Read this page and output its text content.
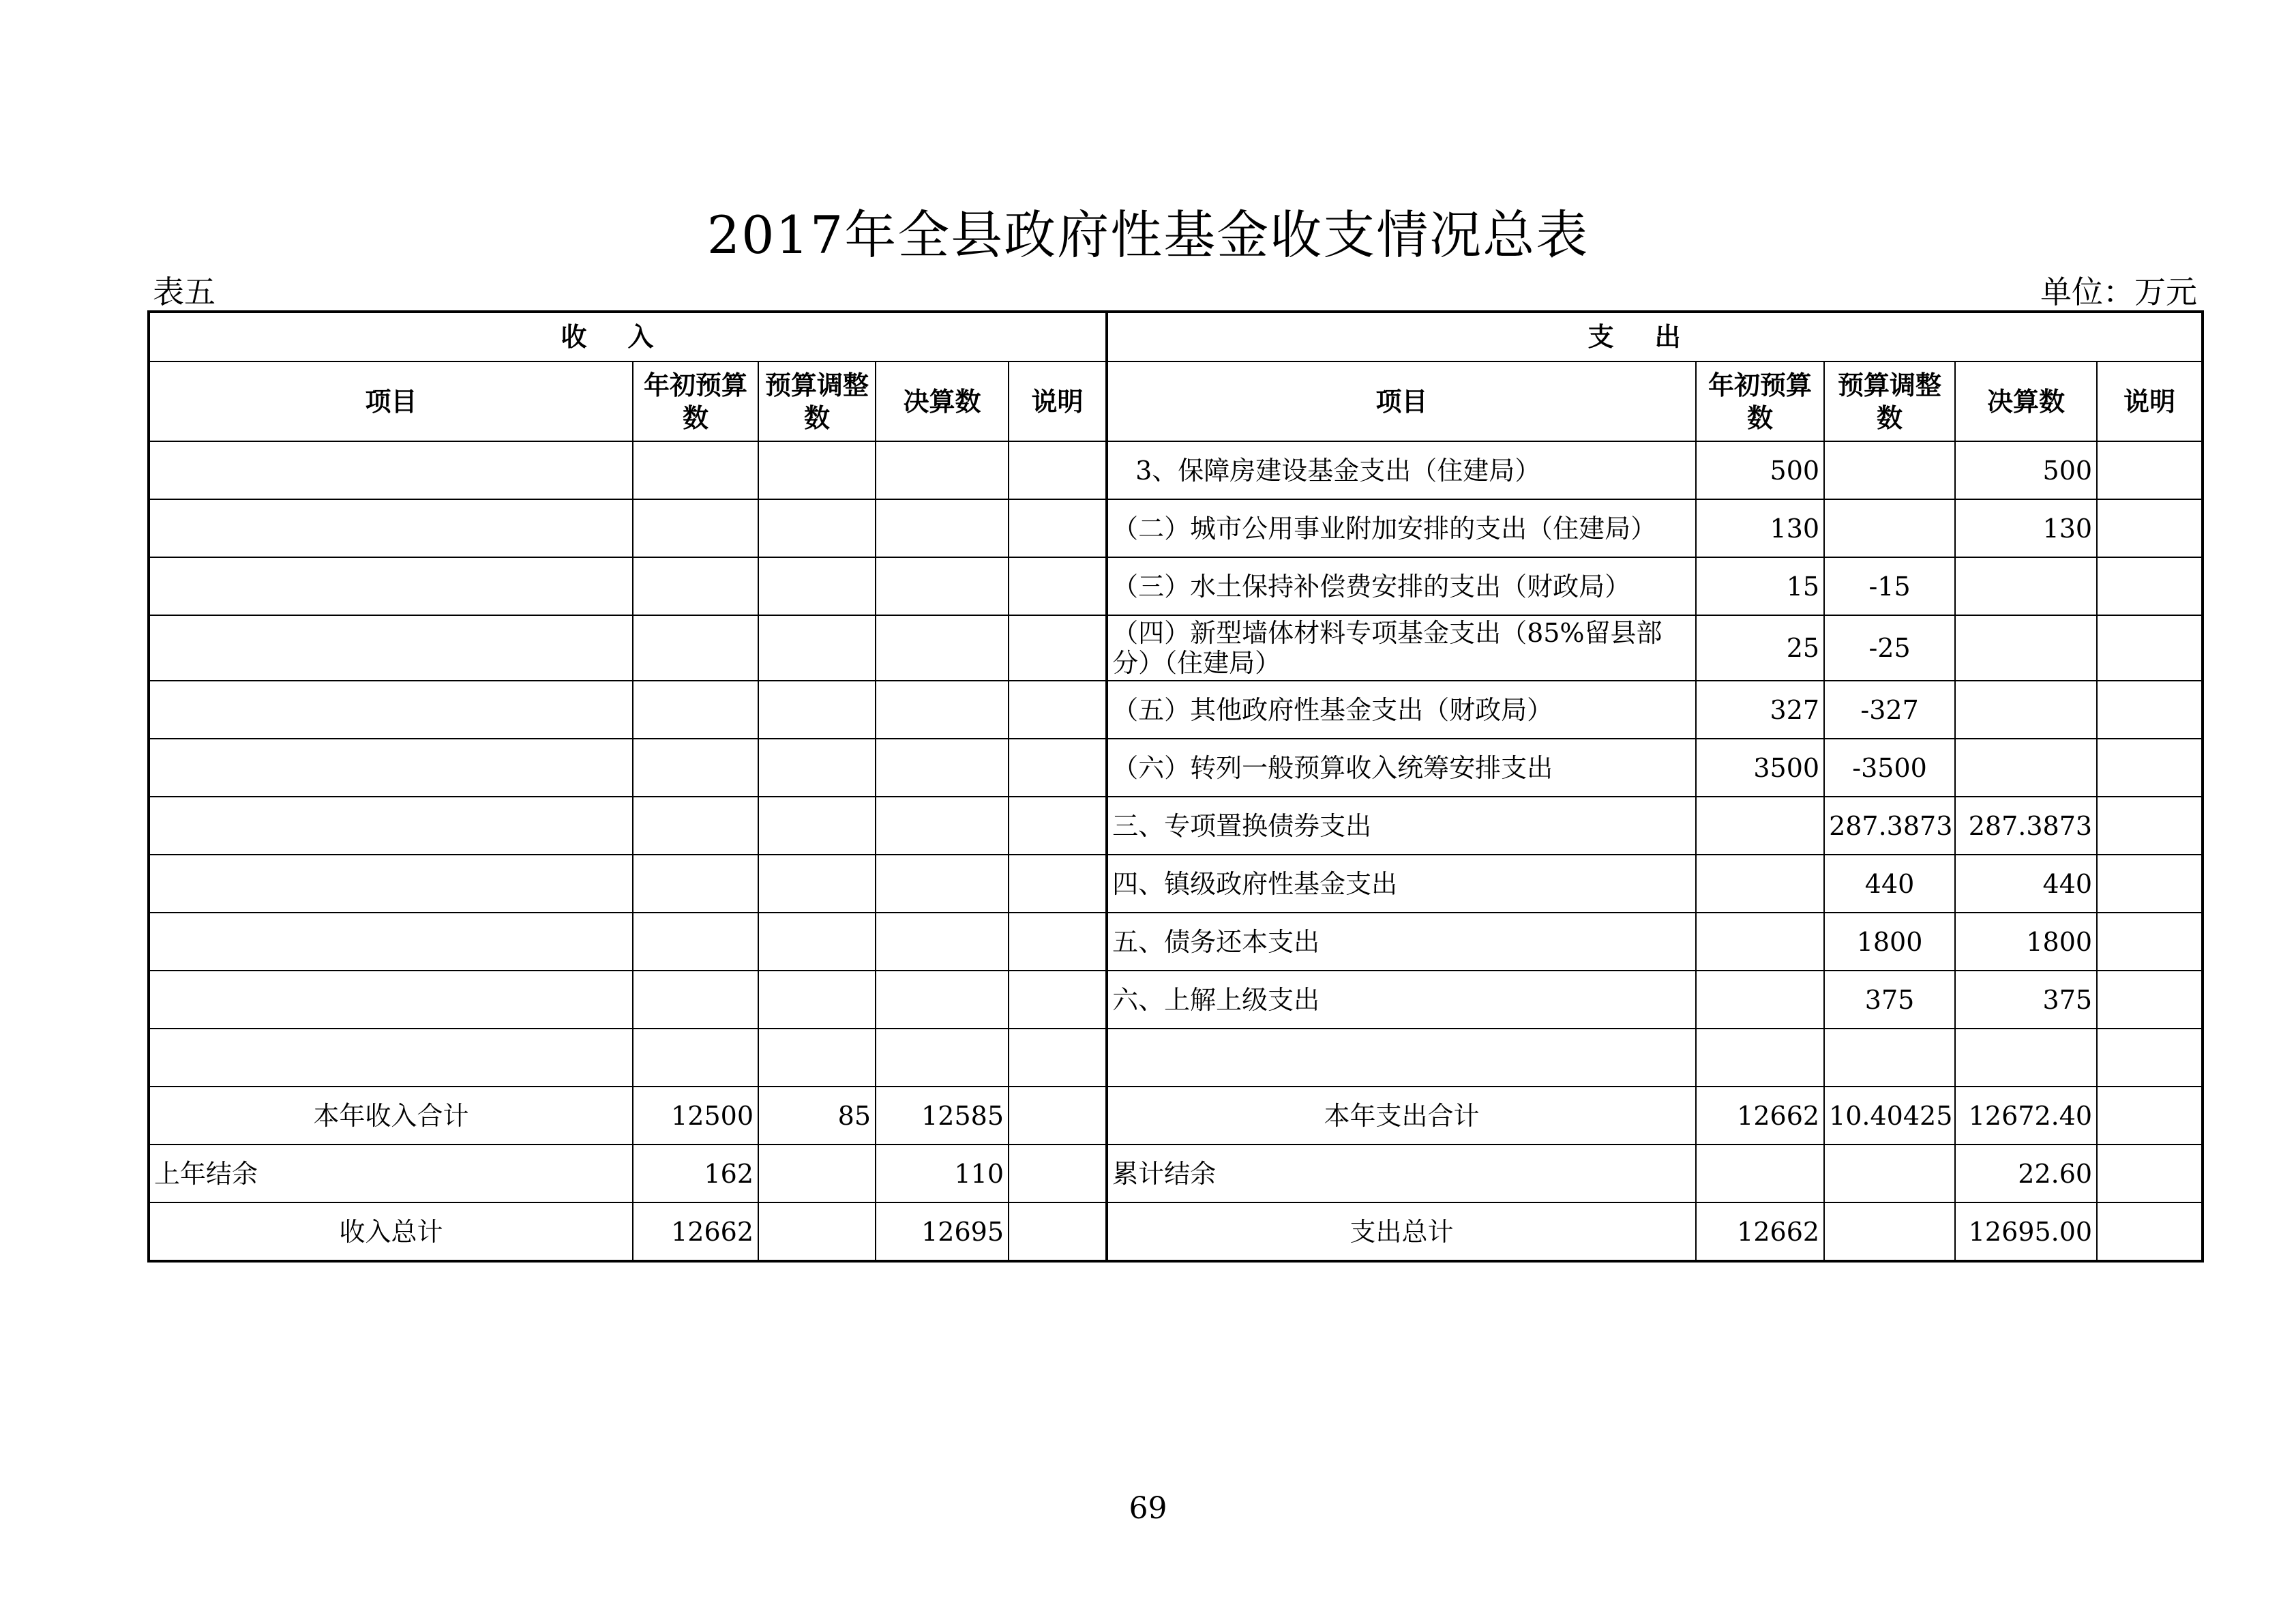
2017年全县政府性基金收支情况总表
表五	单位：万元
收入					支出				
项目	年初预算数	预算调整数	决算数	说明	项目	年初预算数	预算调整数	决算数	说明
					3、保障房建设基金支出（住建局）	500		500	
					（二）城市公用事业附加安排的支出（住建局）	130		130	
					（三）水土保持补偿费安排的支出（财政局）	15	-15		
					（四）新型墙体材料专项基金支出（85%留县部分）（住建局）	25	-25		
					（五）其他政府性基金支出（财政局）	327	-327		
					（六）转列一般预算收入统筹安排支出	3500	-3500		
					三、专项置换债券支出		287.3873	287.3873	
					四、镇级政府性基金支出		440	440	
					五、债务还本支出		1800	1800	
					六、上解上级支出		375	375	

本年收入合计	12500	85	12585		本年支出合计	12662	10.40425	12672.40	
上年结余	162		110		累计结余			22.60	
收入总计	12662		12695		支出总计	12662		12695.00	
69
